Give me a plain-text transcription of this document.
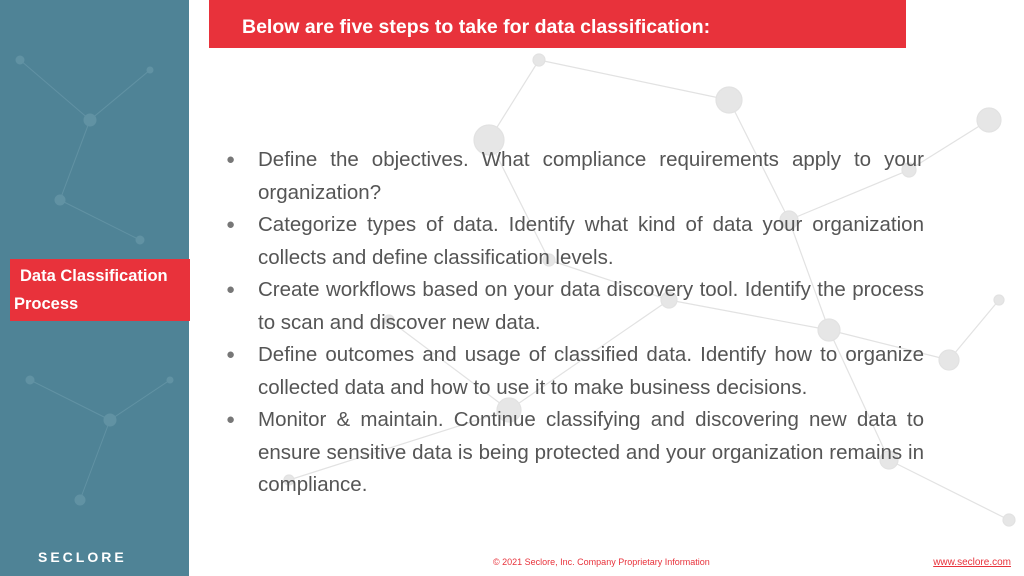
Below are five steps to take for data classification:
Data Classification
Process
● Define the objectives. What compliance requirements apply to your organization?
● Categorize types of data. Identify what kind of data your organization collects and define classification levels.
● Create workflows based on your data discovery tool. Identify the process to scan and discover new data.
● Define outcomes and usage of classified data. Identify how to organize collected data and how to use it to make business decisions.
● Monitor & maintain. Continue classifying and discovering new data to ensure sensitive data is being protected and your organization remains in compliance.
SECLORE	© 2021 Seclore, Inc. Company Proprietary Information	www.seclore.com
